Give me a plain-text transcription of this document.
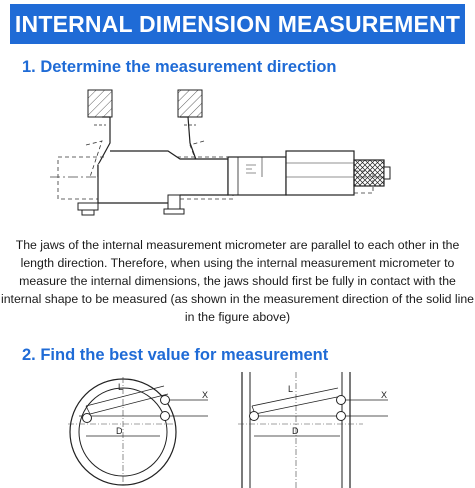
INTERNAL DIMENSION MEASUREMENT
1. Determine the measurement direction
The jaws of the internal measurement micrometer are parallel to each other in the length direction. Therefore, when using the internal measurement micrometer to measure the internal dimensions, the jaws should first be fully in contact with the internal shape to be measured (as shown in the measurement direction of the solid line in the figure above)
2. Find the best value for measurement
L
X
D
L
X
D
